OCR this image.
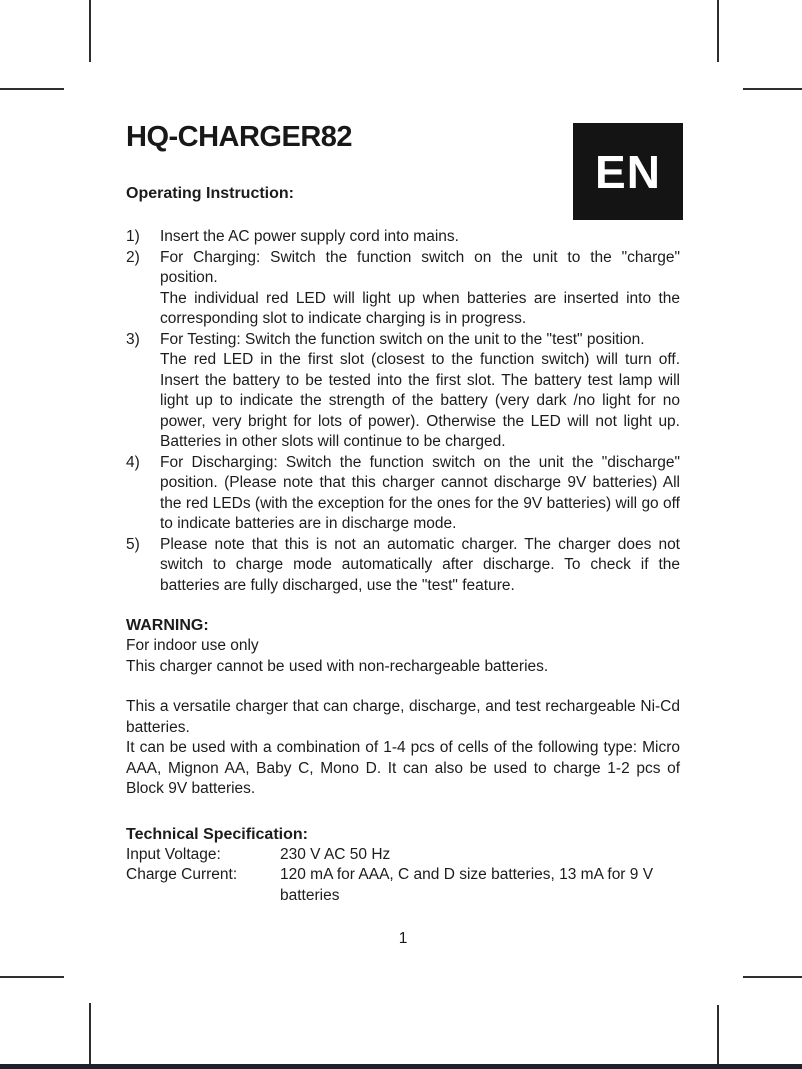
EN
HQ-CHARGER82
Operating Instruction:
1)	Insert the AC power supply cord into mains.

2)	For Charging: Switch the function switch on the unit to the "charge" position.

The individual red LED will light up when batteries are inserted into the corresponding slot to indicate charging is in progress.

3)	For Testing: Switch the function switch on the unit to the "test" position.

The red LED in the first slot (closest to the function switch) will turn off. Insert the battery to be tested into the first slot. The battery test lamp will light up to indicate the strength of the battery (very dark /no light for no power, very bright for lots of power). Otherwise the LED will not light up. Batteries in other slots will continue to be charged.

4)	For Discharging: Switch the function switch on the unit the "discharge" position. (Please note that this charger cannot discharge 9V batteries) All the red LEDs (with the exception for the ones for the 9V batteries) will go off to indicate batteries are in discharge mode.

5)	Please note that this is not an automatic charger. The charger does not switch to charge mode automatically after discharge. To check if the batteries are fully discharged, use the "test" feature.

WARNING:

For indoor use only

This charger cannot be used with non-rechargeable batteries.

This a versatile charger that can charge, discharge, and test rechargeable Ni-Cd batteries.

It can be used with a combination of 1-4 pcs of cells of the following type: Micro AAA, Mignon AA, Baby C, Mono D. It can also be used to charge 1-2 pcs of Block 9V batteries.

Technical Specification:
Input Voltage:	230 V AC 50 Hz
Charge Current:	120 mA for AAA, C and D size batteries, 13 mA for 9 V batteries
1
